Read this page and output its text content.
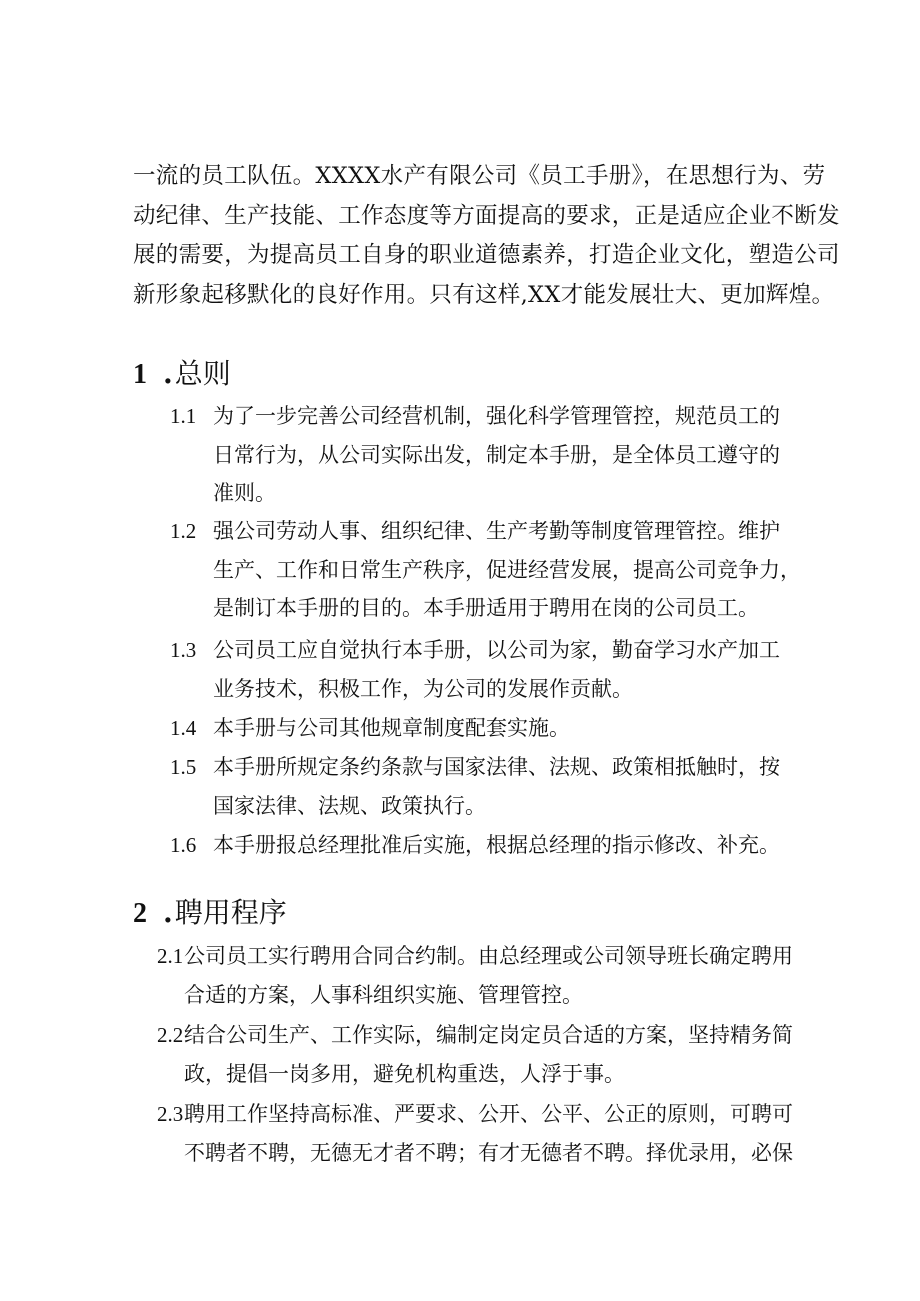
一流的员工队伍。XXXX水产有限公司《员工手册》，在思想行为、劳

动纪律、生产技能、工作态度等方面提高的要求，正是适应企业不断发

展的需要，为提高员工自身的职业道德素养，打造企业文化，塑造公司

新形象起移默化的良好作用。只有这样,XX才能发展壮大、更加辉煌。

1 .总则
1.1 为了一步完善公司经营机制，强化科学管理管控，规范员工的
日常行为，从公司实际出发，制定本手册，是全体员工遵守的
准则。
1.2 强公司劳动人事、组织纪律、生产考勤等制度管理管控。维护
生产、工作和日常生产秩序，促进经营发展，提高公司竞争力，
是制订本手册的目的。本手册适用于聘用在岗的公司员工。
1.3 公司员工应自觉执行本手册，以公司为家，勤奋学习水产加工
业务技术，积极工作，为公司的发展作贡献。
1.4 本手册与公司其他规章制度配套实施。
1.5 本手册所规定条约条款与国家法律、法规、政策相抵触时，按
国家法律、法规、政策执行。
1.6 本手册报总经理批准后实施，根据总经理的指示修改、补充。
2 .聘用程序
2.1公司员工实行聘用合同合约制。由总经理或公司领导班长确定聘用
合适的方案，人事科组织实施、管理管控。
2.2结合公司生产、工作实际，编制定岗定员合适的方案，坚持精务简
政，提倡一岗多用，避免机构重迭，人浮于事。
2.3聘用工作坚持高标准、严要求、公开、公平、公正的原则，可聘可
不聘者不聘，无德无才者不聘；有才无德者不聘。择优录用，必保
